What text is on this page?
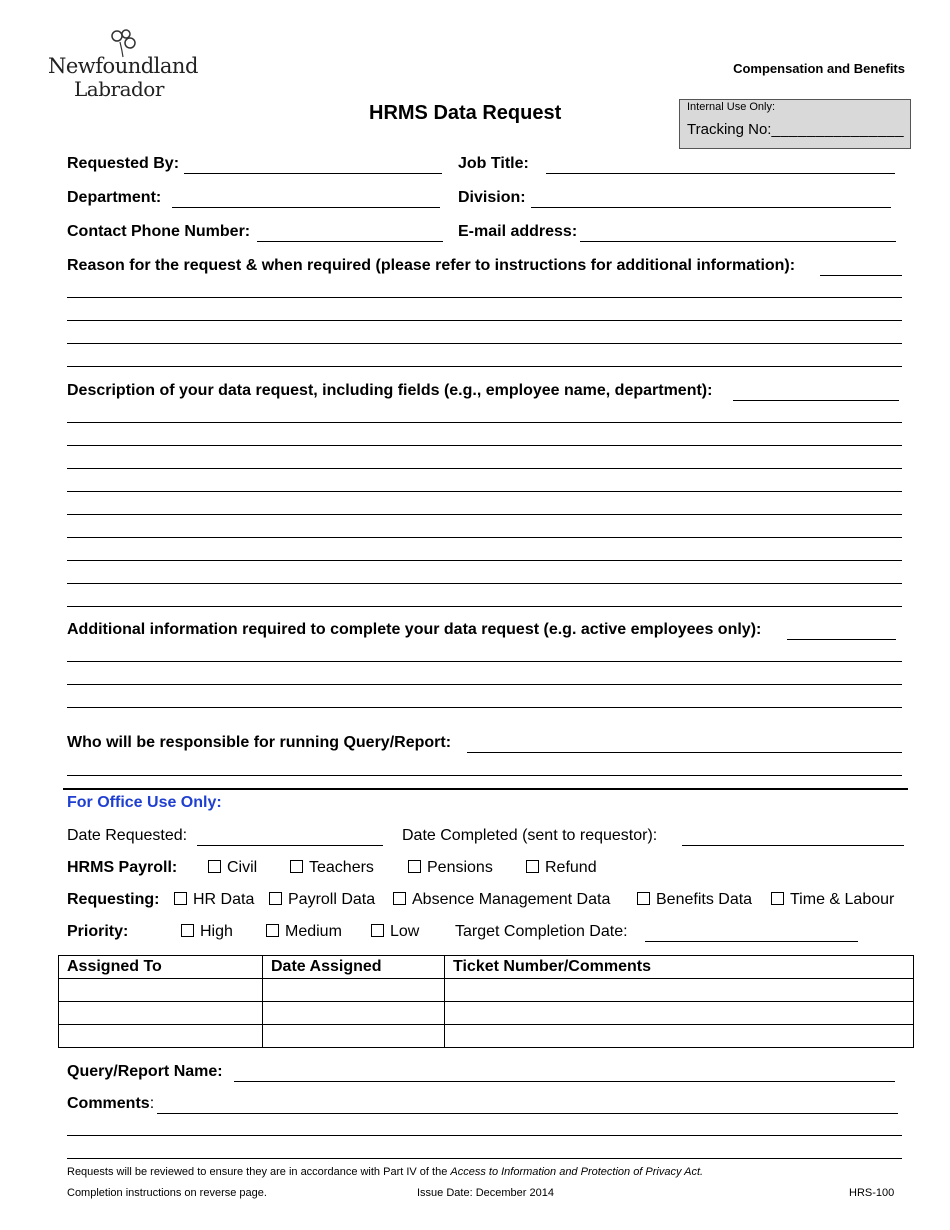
Newfoundland
Labrador
Compensation and Benefits
HRMS Data Request	Internal Use Only:
Tracking No:_______________
Requested By:	Job Title:
Department:	Division:
Contact Phone Number:	E-mail address:
Reason for the request & when required (please refer to instructions for additional information):
Description of your data request, including fields (e.g., employee name, department):
Additional information required to complete your data request (e.g. active employees only):
Who will be responsible for running Query/Report:
For Office Use Only:
Date Requested:	Date Completed (sent to requestor):
HRMS Payroll:	Civil	Teachers	Pensions	Refund
Requesting:	HR Data	Payroll Data	Absence Management Data	Benefits Data	Time & Labour
Priority:	High	Medium	Low Target Completion Date:
Assigned To	Date Assigned	Ticket Number/Comments

Query/Report Name:
Comments:
Requests will be reviewed to ensure they are in accordance with Part IV of the Access to Information and Protection of Privacy Act.
Completion instructions on reverse page.	Issue Date: December 2014	HRS-100
